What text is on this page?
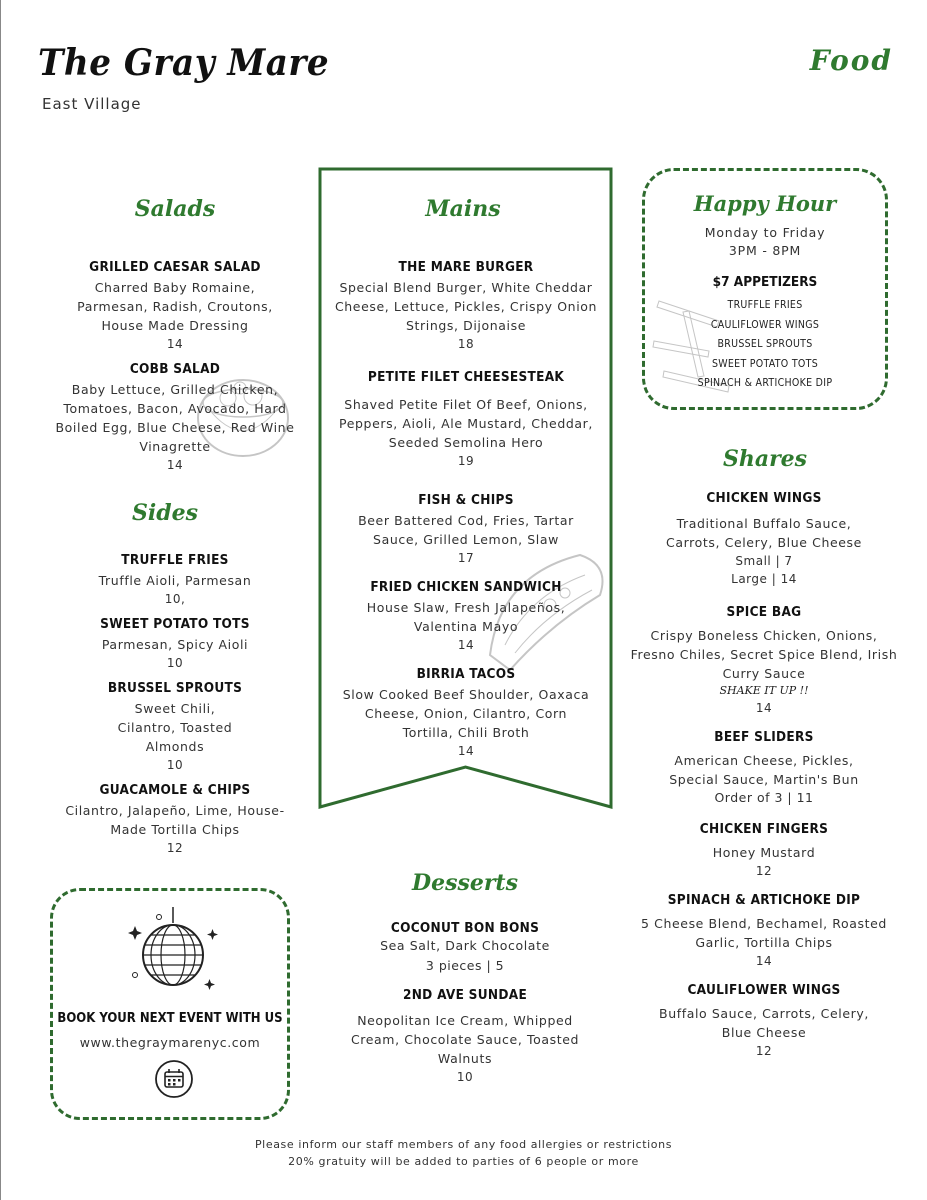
The Gray Mare
East Village
Food
Salads
GRILLED CAESAR SALAD
Charred Baby Romaine, Parmesan, Radish, Croutons, House Made Dressing
14
COBB SALAD
Baby Lettuce, Grilled Chicken, Tomatoes, Bacon, Avocado, Hard Boiled Egg, Blue Cheese, Red Wine Vinagrette
14
Sides
TRUFFLE FRIES
Truffle Aioli, Parmesan
10,
SWEET POTATO TOTS
Parmesan, Spicy Aioli
10
BRUSSEL SPROUTS
Sweet Chili, Cilantro, Toasted Almonds
10
GUACAMOLE & CHIPS
Cilantro, Jalapeño, Lime, House-Made Tortilla Chips
12
Mains
THE MARE BURGER
Special Blend Burger, White Cheddar Cheese, Lettuce, Pickles, Crispy Onion Strings, Dijonaise
18
PETITE FILET CHEESESTEAK
Shaved Petite Filet Of Beef, Onions, Peppers, Aioli, Ale Mustard, Cheddar, Seeded Semolina Hero
19
FISH & CHIPS
Beer Battered Cod, Fries, Tartar Sauce, Grilled Lemon, Slaw
17
FRIED CHICKEN SANDWICH
House Slaw, Fresh Jalapeños, Valentina Mayo
14
BIRRIA TACOS
Slow Cooked Beef Shoulder, Oaxaca Cheese, Onion, Cilantro, Corn Tortilla, Chili Broth
14
Happy Hour
Monday to Friday
3PM - 8PM
$7 APPETIZERS
TRUFFLE FRIES
CAULIFLOWER WINGS
BRUSSEL SPROUTS
SWEET POTATO TOTS
SPINACH & ARTICHOKE DIP
Shares
CHICKEN WINGS
Traditional Buffalo Sauce, Carrots, Celery, Blue Cheese
Small | 7
Large | 14
SPICE BAG
Crispy Boneless Chicken, Onions, Fresno Chiles, Secret Spice Blend, Irish Curry Sauce
SHAKE IT UP !!
14
BEEF SLIDERS
American Cheese, Pickles, Special Sauce, Martin's Bun
Order of 3 | 11
CHICKEN FINGERS
Honey Mustard
12
SPINACH & ARTICHOKE DIP
5 Cheese Blend, Bechamel, Roasted Garlic, Tortilla Chips
14
CAULIFLOWER WINGS
Buffalo Sauce, Carrots, Celery, Blue Cheese
12
Desserts
COCONUT BON BONS
Sea Salt, Dark Chocolate
3 pieces | 5
2ND AVE SUNDAE
Neopolitan Ice Cream, Whipped Cream, Chocolate Sauce, Toasted Walnuts
10
BOOK YOUR NEXT EVENT WITH US
www.thegraymarenyc.com
Please inform our staff members of any food allergies or restrictions
20% gratuity will be added to parties of 6 people or more
